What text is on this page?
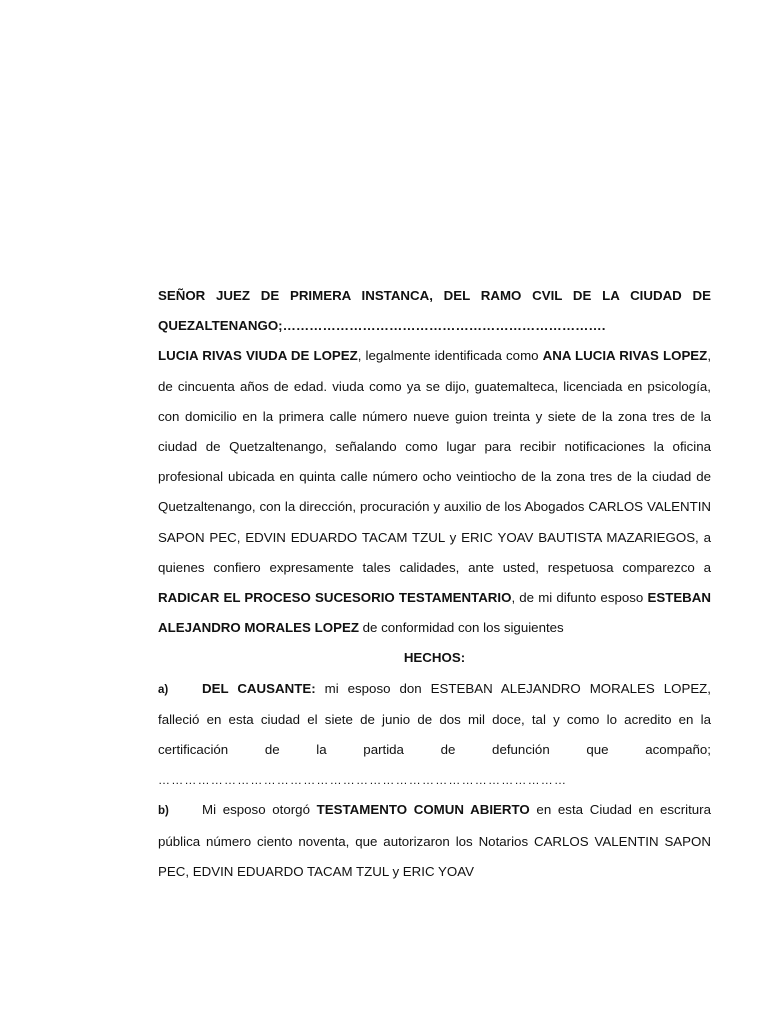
SEÑOR JUEZ DE PRIMERA INSTANCA, DEL RAMO CVIL DE LA CIUDAD DE

QUEZALTENANGO;……………………………………………………………….

LUCIA RIVAS VIUDA DE LOPEZ, legalmente identificada como ANA LUCIA RIVAS LOPEZ, de cincuenta años de edad. viuda como ya se dijo, guatemalteca, licenciada en psicología, con domicilio en la primera calle número nueve guion treinta y siete de la zona tres de la ciudad de Quetzaltenango, señalando como lugar para recibir notificaciones la oficina profesional ubicada en quinta calle número ocho veintiocho de la zona tres de la ciudad de Quetzaltenango, con la dirección, procuración y auxilio de los Abogados CARLOS VALENTIN SAPON PEC, EDVIN EDUARDO TACAM TZUL y ERIC YOAV BAUTISTA MAZARIEGOS, a quienes confiero expresamente tales calidades, ante usted, respetuosa comparezco a RADICAR EL PROCESO SUCESORIO TESTAMENTARIO, de mi difunto esposo ESTEBAN ALEJANDRO MORALES LOPEZ de conformidad con los siguientes

HECHOS:

a)	DEL CAUSANTE: mi esposo don ESTEBAN ALEJANDRO MORALES LOPEZ, falleció en esta ciudad el siete de junio de dos mil doce, tal y como lo acredito en la certificación de la partida de defunción que acompaño; …………………………………………………………………………………

b) Mi esposo otorgó TESTAMENTO COMUN ABIERTO en esta Ciudad en escritura pública número ciento noventa, que autorizaron los Notarios CARLOS VALENTIN SAPON PEC, EDVIN EDUARDO TACAM TZUL y ERIC YOAV
